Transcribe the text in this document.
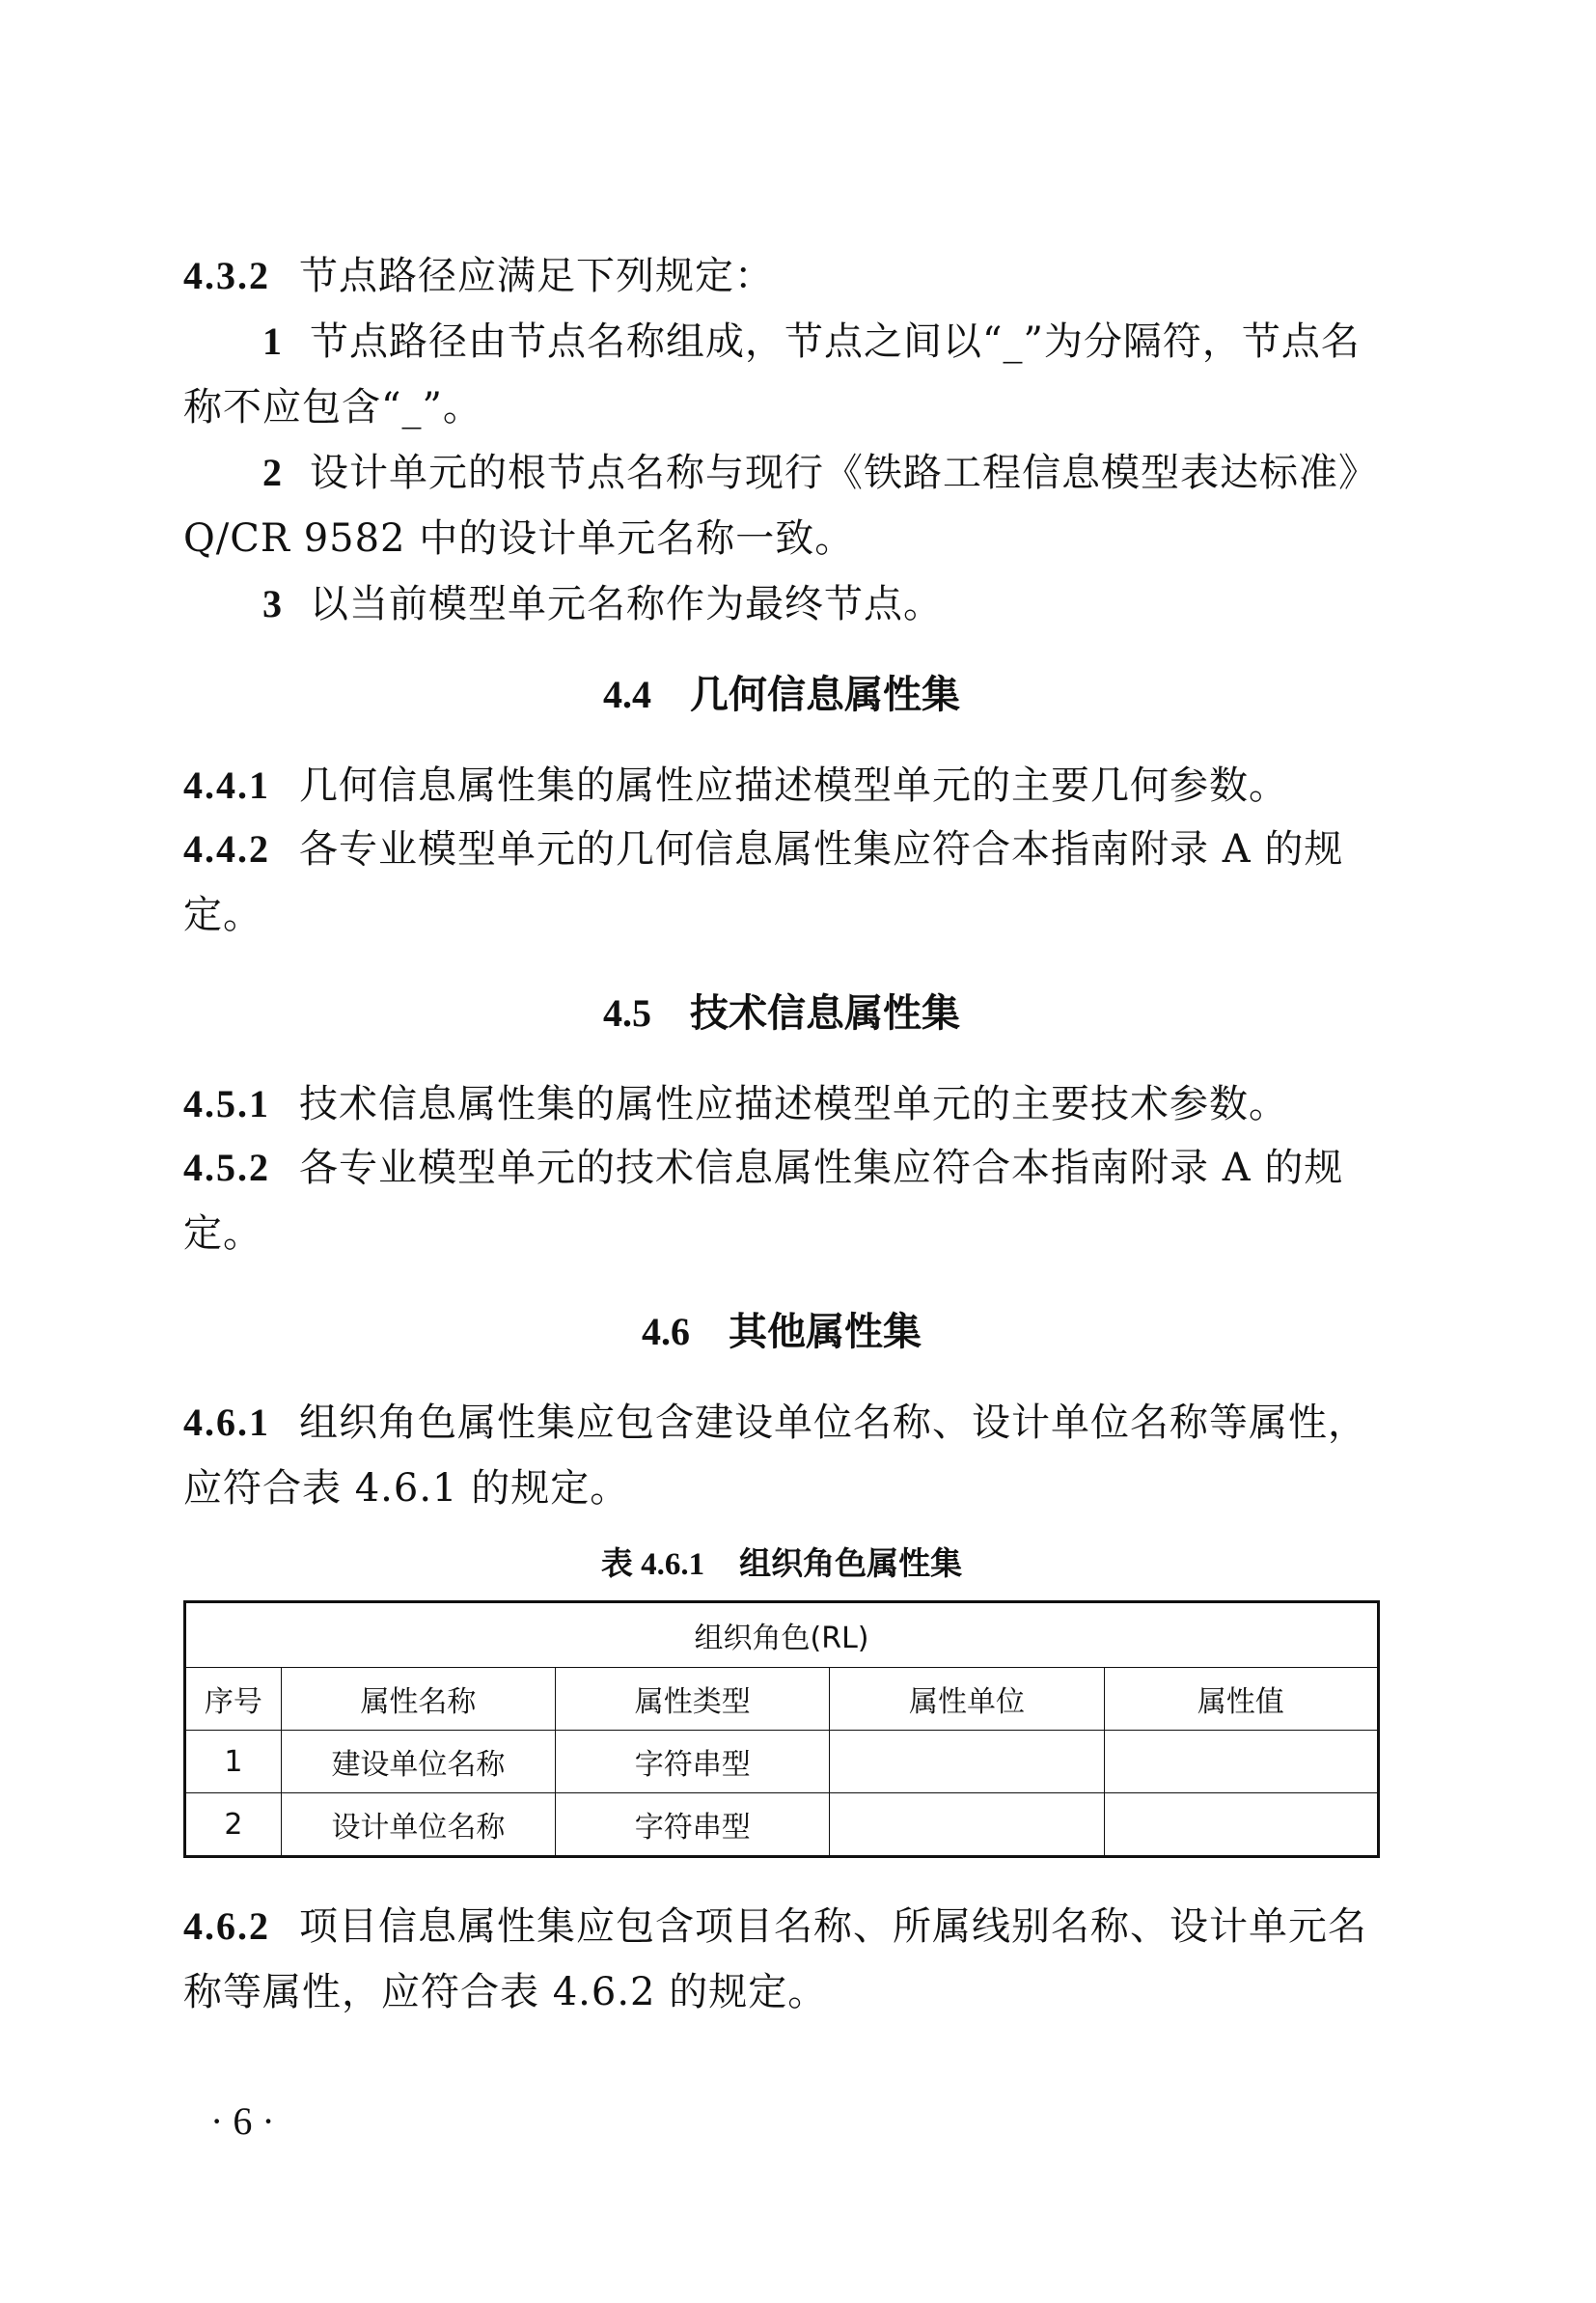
4.3.2 节点路径应满足下列规定：
1 节点路径由节点名称组成，节点之间以“_”为分隔符，节点名称不应包含“_”。
2 设计单元的根节点名称与现行《铁路工程信息模型表达标准》Q/CR 9582 中的设计单元名称一致。
3 以当前模型单元名称作为最终节点。
4.4 几何信息属性集
4.4.1 几何信息属性集的属性应描述模型单元的主要几何参数。
4.4.2 各专业模型单元的几何信息属性集应符合本指南附录 A 的规定。
4.5 技术信息属性集
4.5.1 技术信息属性集的属性应描述模型单元的主要技术参数。
4.5.2 各专业模型单元的技术信息属性集应符合本指南附录 A 的规定。
4.6 其他属性集
4.6.1 组织角色属性集应包含建设单位名称、设计单位名称等属性，应符合表 4.6.1 的规定。
表 4.6.1 组织角色属性集
组织角色(RL)				
序号	属性名称	属性类型	属性单位	属性值
1	建设单位名称	字符串型		
2	设计单位名称	字符串型		
4.6.2 项目信息属性集应包含项目名称、所属线别名称、设计单元名称等属性，应符合表 4.6.2 的规定。
· 6 ·
